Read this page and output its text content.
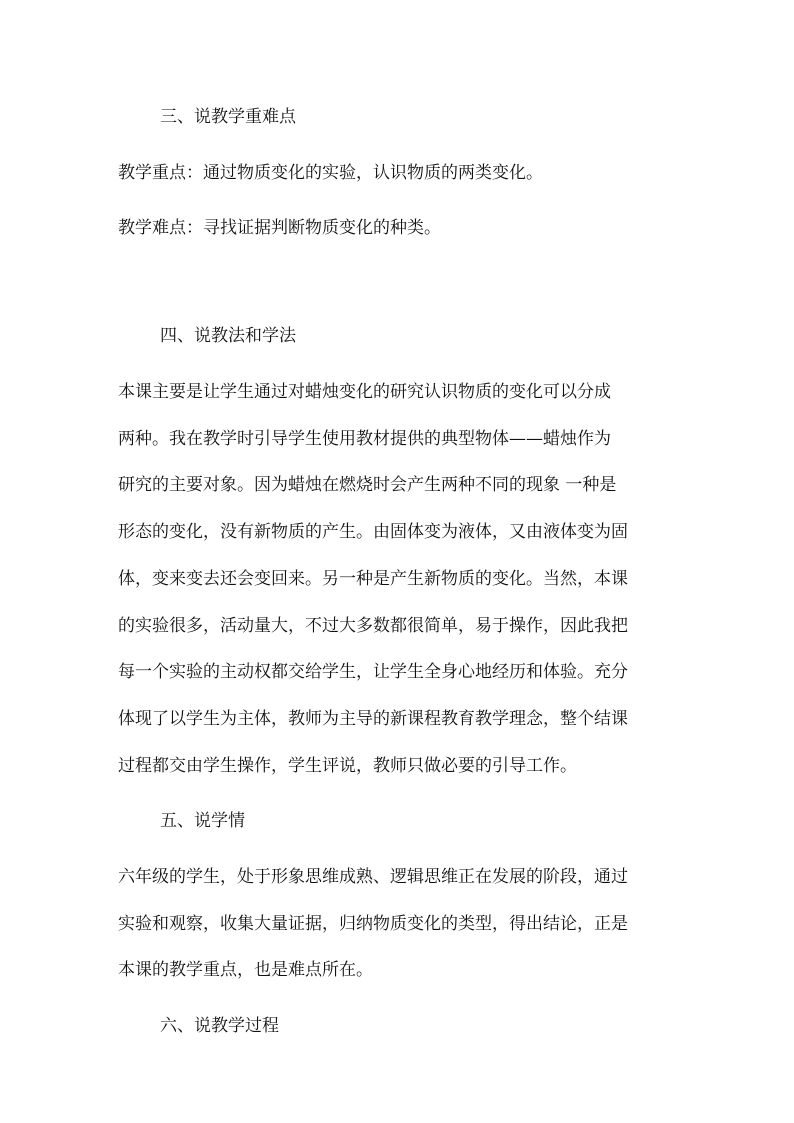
三、说教学重难点
教学重点：通过物质变化的实验，认识物质的两类变化。
教学难点：寻找证据判断物质变化的种类。
四、说教法和学法
本课主要是让学生通过对蜡烛变化的研究认识物质的变化可以分成
两种。我在教学时引导学生使用教材提供的典型物体——蜡烛作为
研究的主要对象。因为蜡烛在燃烧时会产生两种不同的现象 一种是
形态的变化，没有新物质的产生。由固体变为液体，又由液体变为固
体，变来变去还会变回来。另一种是产生新物质的变化。当然，本课
的实验很多，活动量大，不过大多数都很简单，易于操作，因此我把
每一个实验的主动权都交给学生，让学生全身心地经历和体验。充分
体现了以学生为主体，教师为主导的新课程教育教学理念，整个结课
过程都交由学生操作，学生评说，教师只做必要的引导工作。
五、说学情
六年级的学生，处于形象思维成熟、逻辑思维正在发展的阶段，通过
实验和观察，收集大量证据，归纳物质变化的类型，得出结论，正是
本课的教学重点，也是难点所在。
六、说教学过程
